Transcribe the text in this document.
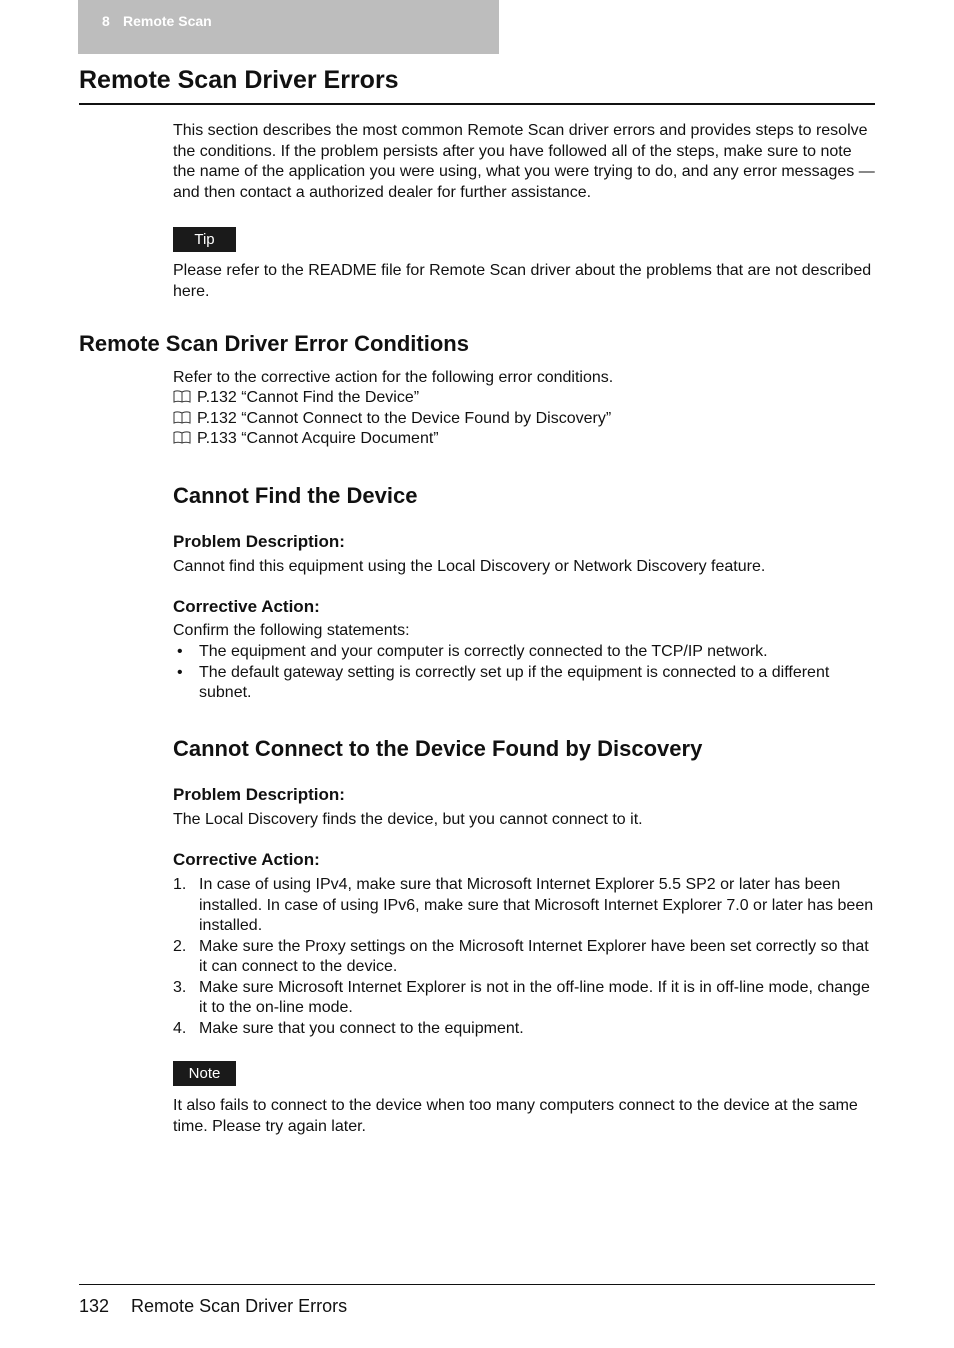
8 Remote Scan
Remote Scan Driver Errors
This section describes the most common Remote Scan driver errors and provides steps to resolve the conditions. If the problem persists after you have followed all of the steps, make sure to note the name of the application you were using, what you were trying to do, and any error messages — and then contact a authorized dealer for further assistance.
Tip
Please refer to the README file for Remote Scan driver about the problems that are not described here.
Remote Scan Driver Error Conditions
Refer to the corrective action for the following error conditions.
P.132 “Cannot Find the Device”
P.132 “Cannot Connect to the Device Found by Discovery”
P.133 “Cannot Acquire Document”
Cannot Find the Device
Problem Description:
Cannot find this equipment using the Local Discovery or Network Discovery feature.
Corrective Action:
Confirm the following statements:
•	The equipment and your computer is correctly connected to the TCP/IP network.
•	The default gateway setting is correctly set up if the equipment is connected to a different subnet.
Cannot Connect to the Device Found by Discovery
Problem Description:
The Local Discovery finds the device, but you cannot connect to it.
Corrective Action:
1. In case of using IPv4, make sure that Microsoft Internet Explorer 5.5 SP2 or later has been installed. In case of using IPv6, make sure that Microsoft Internet Explorer 7.0 or later has been installed.
2. Make sure the Proxy settings on the Microsoft Internet Explorer have been set correctly so that it can connect to the device.
3. Make sure Microsoft Internet Explorer is not in the off-line mode. If it is in off-line mode, change it to the on-line mode.
4. Make sure that you connect to the equipment.
Note
It also fails to connect to the device when too many computers connect to the device at the same time. Please try again later.
132 Remote Scan Driver Errors
